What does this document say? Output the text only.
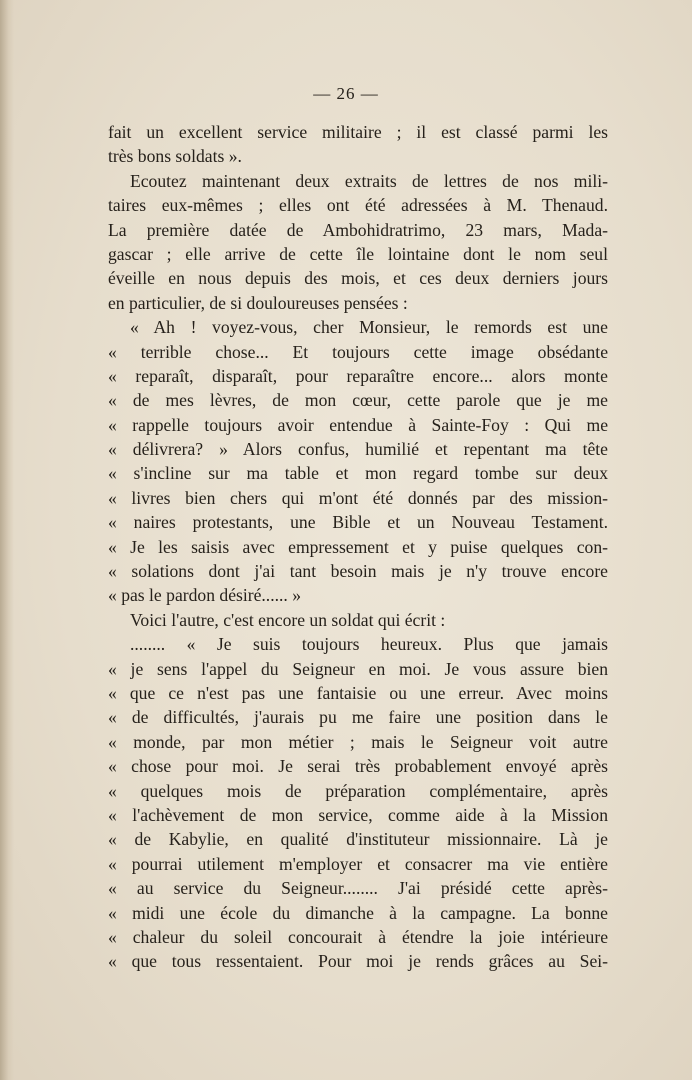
— 26 —
fait un excellent service militaire ; il est classé parmi les
très bons soldats ».
Ecoutez maintenant deux extraits de lettres de nos mili-
taires eux-mêmes ; elles ont été adressées à M. Thenaud.
La première datée de Ambohidratrimo, 23 mars, Mada-
gascar ; elle arrive de cette île lointaine dont le nom seul
éveille en nous depuis des mois, et ces deux derniers jours
en particulier, de si douloureuses pensées :
« Ah ! voyez-vous, cher Monsieur, le remords est une
« terrible chose... Et toujours cette image obsédante
« reparaît, disparaît, pour reparaître encore... alors monte
« de mes lèvres, de mon cœur, cette parole que je me
« rappelle toujours avoir entendue à Sainte-Foy : Qui me
« délivrera? » Alors confus, humilié et repentant ma tête
« s'incline sur ma table et mon regard tombe sur deux
« livres bien chers qui m'ont été donnés par des mission-
« naires protestants, une Bible et un Nouveau Testament.
« Je les saisis avec empressement et y puise quelques con-
« solations dont j'ai tant besoin mais je n'y trouve encore
« pas le pardon désiré...... »
Voici l'autre, c'est encore un soldat qui écrit :
........ « Je suis toujours heureux. Plus que jamais
« je sens l'appel du Seigneur en moi. Je vous assure bien
« que ce n'est pas une fantaisie ou une erreur. Avec moins
« de difficultés, j'aurais pu me faire une position dans le
« monde, par mon métier ; mais le Seigneur voit autre
« chose pour moi. Je serai très probablement envoyé après
« quelques mois de préparation complémentaire, après
« l'achèvement de mon service, comme aide à la Mission
« de Kabylie, en qualité d'instituteur missionnaire. Là je
« pourrai utilement m'employer et consacrer ma vie entière
« au service du Seigneur........ J'ai présidé cette après-
« midi une école du dimanche à la campagne. La bonne
« chaleur du soleil concourait à étendre la joie intérieure
« que tous ressentaient. Pour moi je rends grâces au Sei-
